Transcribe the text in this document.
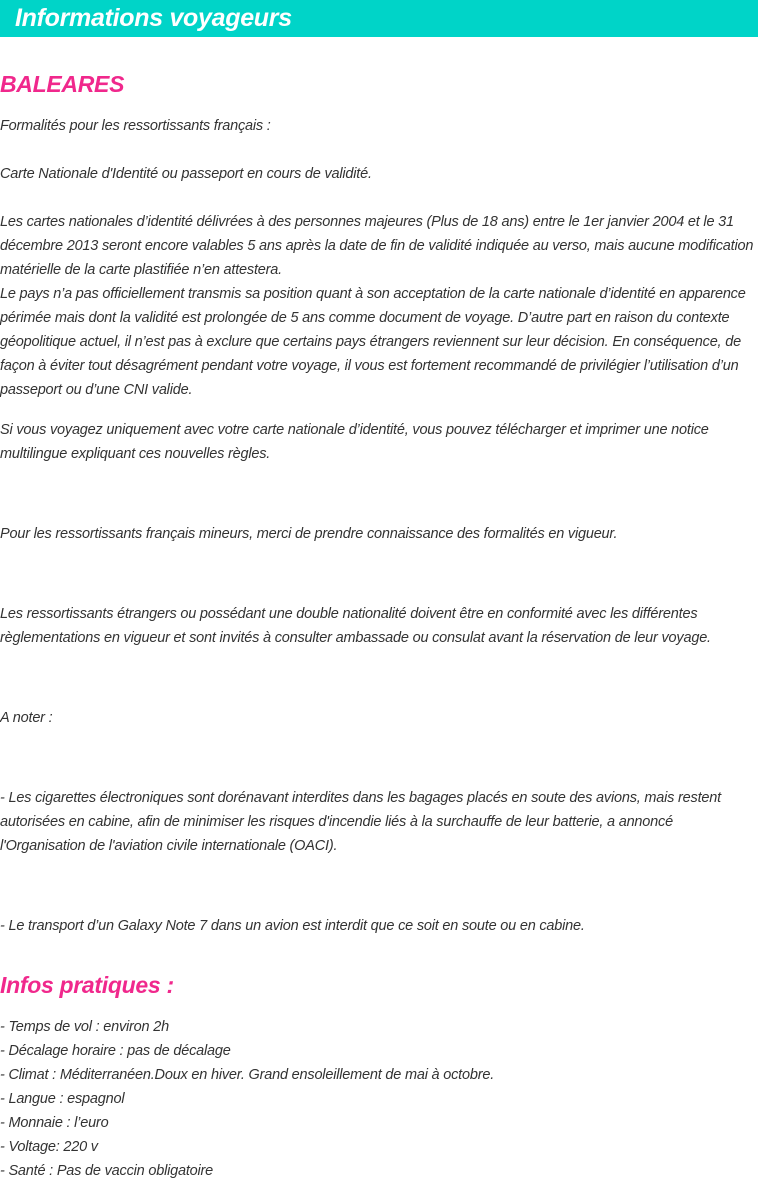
Informations voyageurs
BALEARES
Formalités pour les ressortissants français :
Carte Nationale d'Identité ou passeport en cours de validité.
Les cartes nationales d’identité délivrées à des personnes majeures (Plus de 18 ans) entre le 1er janvier 2004 et le 31
décembre 2013 seront encore valables 5 ans après la date de fin de validité indiquée au verso, mais aucune modification
matérielle de la carte plastifiée n’en attestera.
Le pays n’a pas officiellement transmis sa position quant à son acceptation de la carte nationale d’identité en apparence
périmée mais dont la validité est prolongée de 5 ans comme document de voyage. D’autre part en raison du contexte
géopolitique actuel, il n’est pas à exclure que certains pays étrangers reviennent sur leur décision. En conséquence, de
façon à éviter tout désagrément pendant votre voyage, il vous est fortement recommandé de privilégier l’utilisation d’un
passeport ou d’une CNI valide.
Si vous voyagez uniquement avec votre carte nationale d’identité, vous pouvez télécharger et imprimer une notice
multilingue expliquant ces nouvelles règles.
Pour les ressortissants français mineurs, merci de prendre connaissance des formalités en vigueur.
Les ressortissants étrangers ou possédant une double nationalité doivent être en conformité avec les différentes
règlementations en vigueur et sont invités à consulter ambassade ou consulat avant la réservation de leur voyage.
A noter :
- Les cigarettes électroniques sont dorénavant interdites dans les bagages placés en soute des avions, mais restent
autorisées en cabine, afin de minimiser les risques d'incendie liés à la surchauffe de leur batterie, a annoncé
l'Organisation de l'aviation civile internationale (OACI).
- Le transport d’un Galaxy Note 7 dans un avion est interdit que ce soit en soute ou en cabine.
Infos pratiques :
- Temps de vol : environ 2h
- Décalage horaire : pas de décalage
- Climat : Méditerranéen.Doux en hiver. Grand ensoleillement de mai à octobre.
- Langue : espagnol
- Monnaie : l’euro
- Voltage: 220 v
- Santé : Pas de vaccin obligatoire
